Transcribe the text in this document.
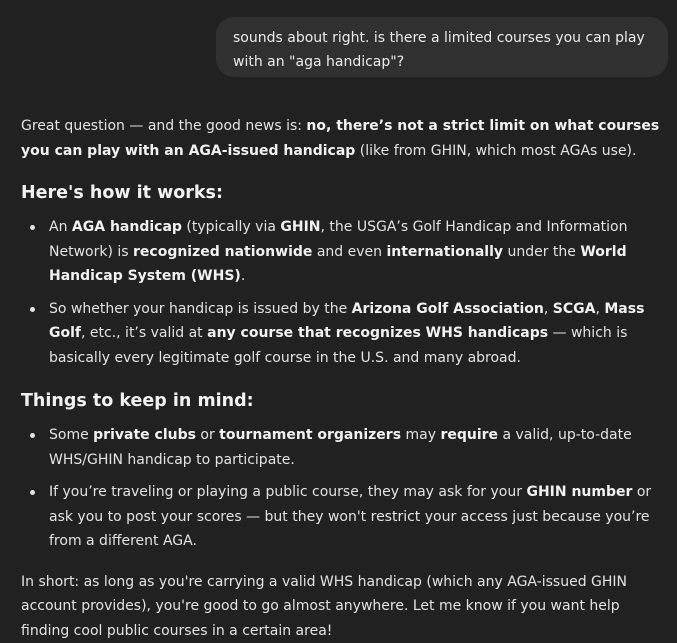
sounds about right. is there a limited courses you can play with an "aga handicap"?

Great question — and the good news is: no, there’s not a strict limit on what courses you can play with an AGA-issued handicap (like from GHIN, which most AGAs use).

Here's how it works:
An AGA handicap (typically via GHIN, the USGA’s Golf Handicap and Information Network) is recognized nationwide and even internationally under the World Handicap System (WHS).
So whether your handicap is issued by the Arizona Golf Association, SCGA, Mass Golf, etc., it’s valid at any course that recognizes WHS handicaps — which is basically every legitimate golf course in the U.S. and many abroad.
Things to keep in mind:
Some private clubs or tournament organizers may require a valid, up-to-date WHS/GHIN handicap to participate.
If you’re traveling or playing a public course, they may ask for your GHIN number or ask you to post your scores — but they won't restrict your access just because you’re from a different AGA.

In short: as long as you're carrying a valid WHS handicap (which any AGA-issued GHIN account provides), you're good to go almost anywhere. Let me know if you want help finding cool public courses in a certain area!
